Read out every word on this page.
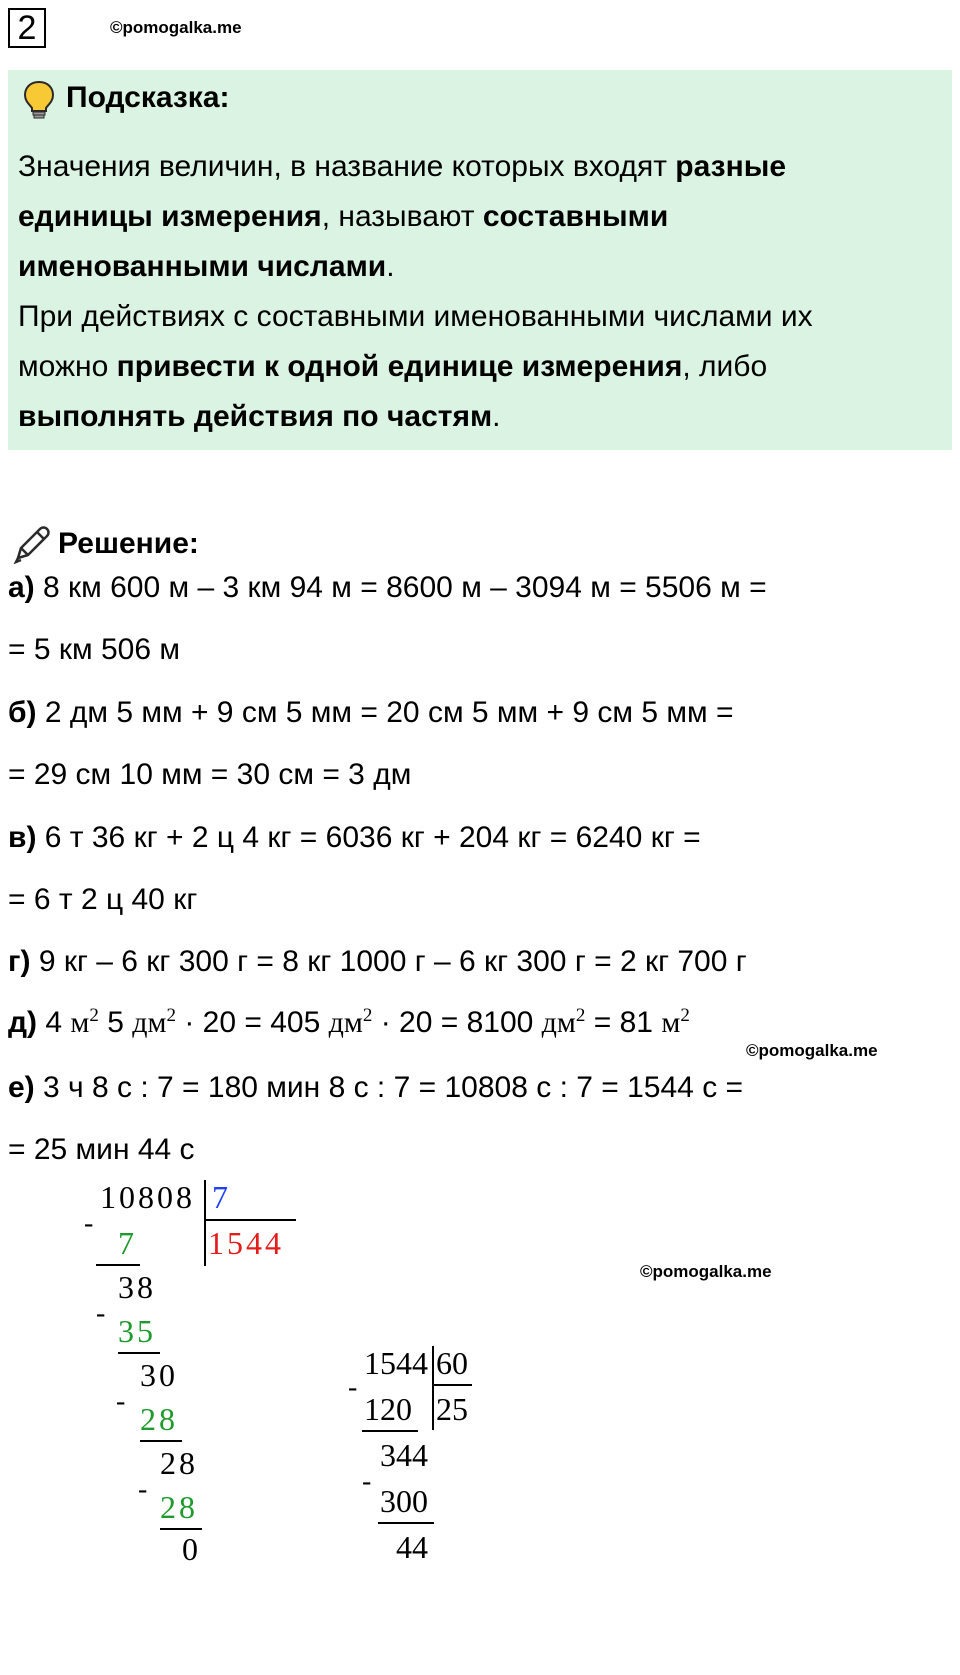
2	©pomogalka.me
Подсказка:
Значения величин, в название которых входят разные
единицы измерения, называют составными
именованными числами.
При действиях с составными именованными числами их
можно привести к одной единице измерения, либо
выполнять действия по частям.
Решение:
а) 8 км 600 м – 3 км 94 м = 8600 м – 3094 м = 5506 м =
= 5 км 506 м
б) 2 дм 5 мм + 9 см 5 мм = 20 см 5 мм + 9 см 5 мм =
= 29 см 10 мм = 30 см = 3 дм
в) 6 т 36 кг + 2 ц 4 кг = 6036 кг + 204 кг = 6240 кг =
= 6 т 2 ц 40 кг
г) 9 кг – 6 кг 300 г = 8 кг 1000 г – 6 кг 300 г = 2 кг 700 г
д) 4 $м^2$ 5 $дм^2 \cdot 20 = 405$ $дм^2 \cdot 20 = 8100$ $дм^2 = 81$ $м^2$
©pomogalka.me
е) 3 ч 8 с : 7 = 180 мин 8 с : 7 = 10808 с : 7 = 1544 с =
= 25 мин 44 с
10808 7
1544
-
7
38
- 35
30
- 28
28
- 28
0
©pomogalka.me
1544 60
25
-
120
344
-
300
44
